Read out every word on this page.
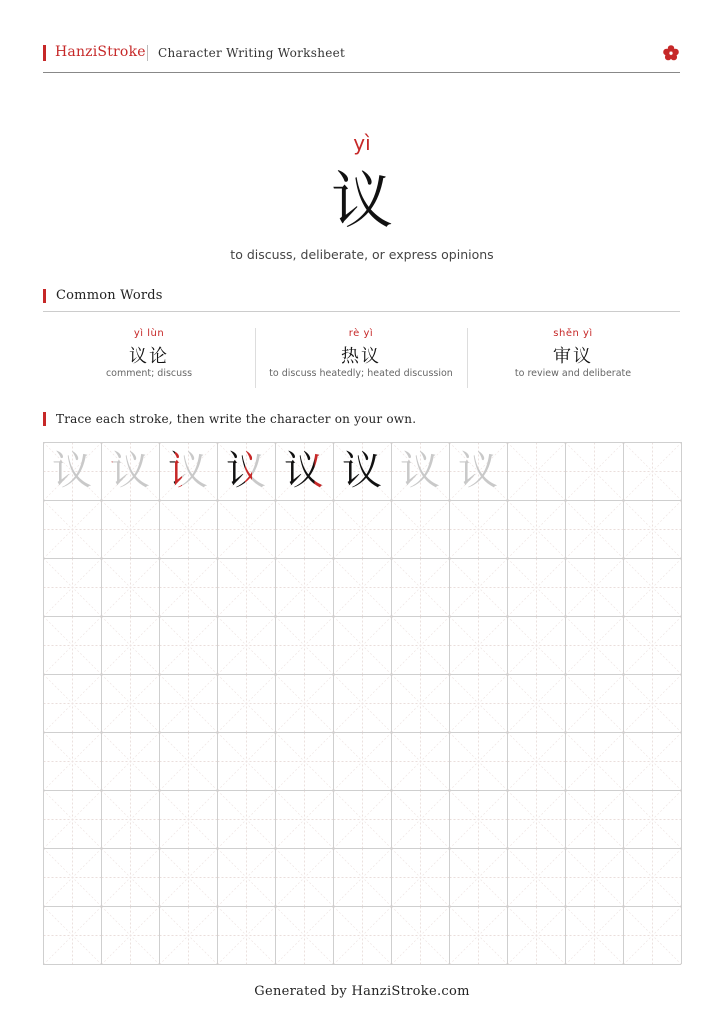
HanziStroke Character Writing Worksheet
yì
议
to discuss, deliberate, or express opinions
Common Words
yì lùn
议论
comment; discuss
rè yì
热议
to discuss heatedly; heated discussion
shěn yì
审议
to review and deliberate
Trace each stroke, then write the character on your own.
议 议 议 议 议 议 议 议
Generated by HanziStroke.com
